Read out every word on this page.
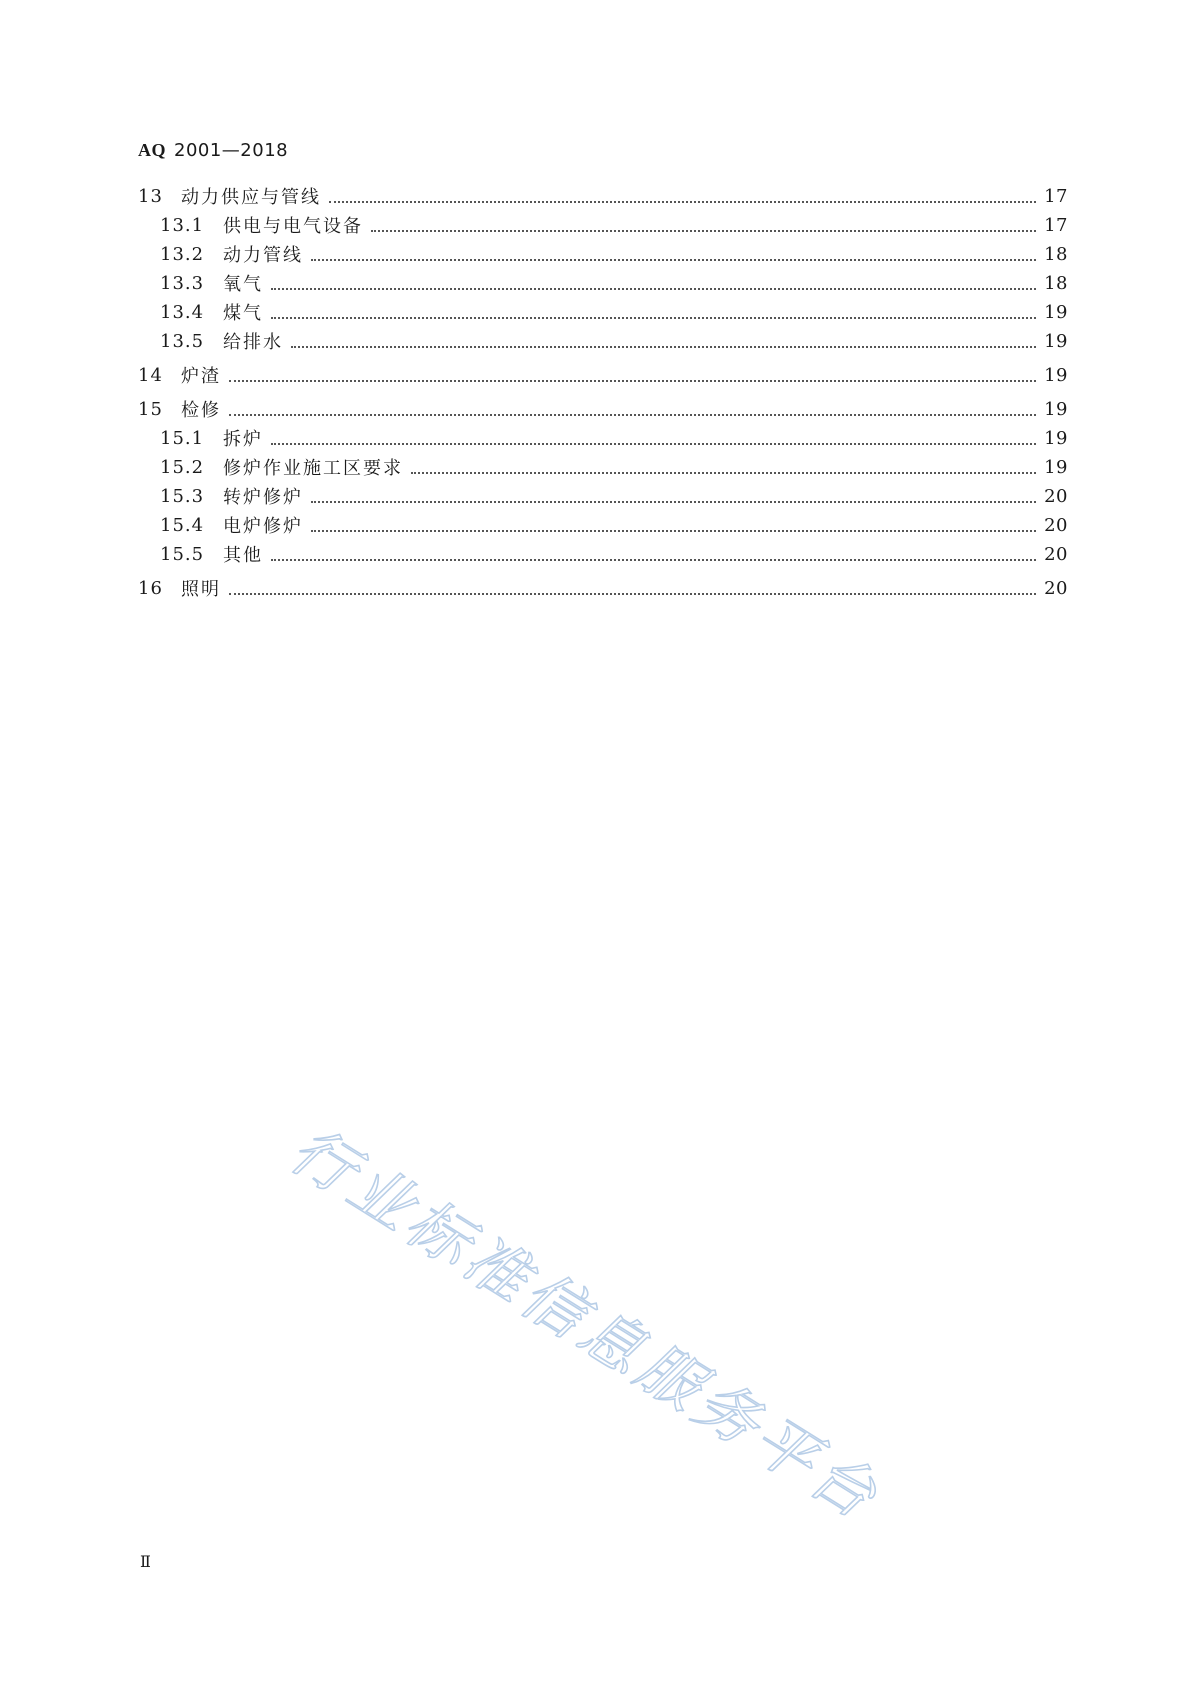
AQ 2001—2018
13	动力供应与管线	17
13.1	供电与电气设备	17
13.2	动力管线	18
13.3	氧气	18
13.4	煤气	19
13.5	给排水	19
14	炉渣	19
15	检修	19
15.1	拆炉	19
15.2	修炉作业施工区要求	19
15.3	转炉修炉	20
15.4	电炉修炉	20
15.5	其他	20
16	照明	20
行业标准信息服务平台
Ⅱ
